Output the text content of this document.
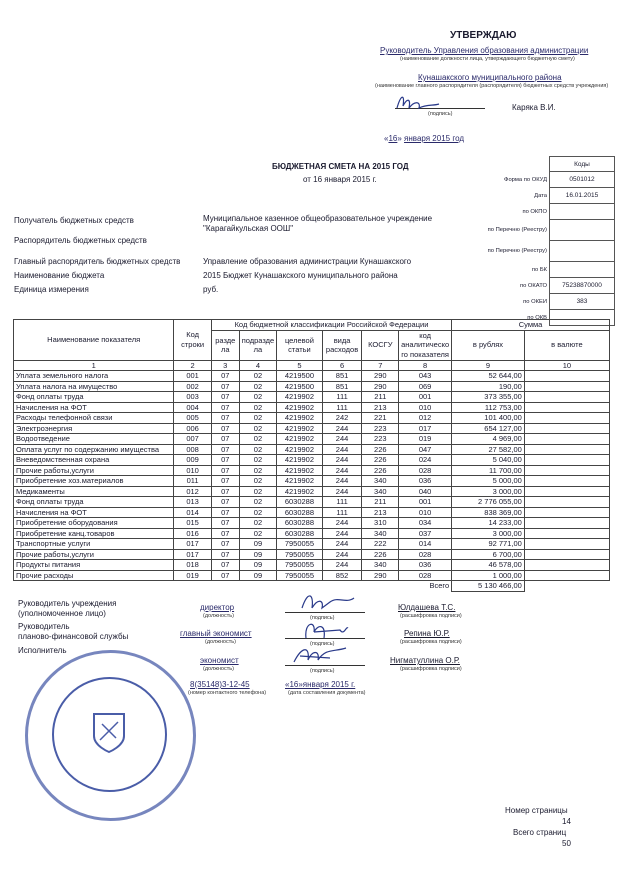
УТВЕРЖДАЮ
Руководитель Управления образования администрации
(наименование должности лица, утверждающего бюджетную смету)
Кунашакского муниципального района
(наименование главного распорядителя (распорядителя) бюджетных средств учреждения)
(подпись)
Каряка В.И.
«16» января 2015 год
БЮДЖЕТНАЯ СМЕТА НА 2015 ГОД
от 16 января 2015 г.
	Коды
Форма по ОКУД	0501012
Дата	16.01.2015
по ОКПО	
по Перечню (Реестру)	
по Перечню (Реестру)	
по БК	
по ОКАТО	75238870000
по ОКЕИ	383
по ОКВ	
Получатель бюджетных средств	Муниципальное казенное общеобразовательное учреждение "Карагайкульская ООШ"
Распорядитель бюджетных средств
Главный распорядитель бюджетных средств	Управление образования администрации Кунашакского
Наименование бюджета	2015 Бюджет Кунашакского муниципального района
Единица измерения	руб.
Наименование показателя	Код строки	Код бюджетной классификации Российской Федерации						Сумма	
		разде ла	подразде ла	целевой статьи	вида расходов	КОСГУ	код аналитическо го показателя	в рублях	в валюте
1	2	3	4	5	6	7	8	9	10
Уплата земельного налога	001	07	02	4219500	851	290	043	52 644,00	
Уплата налога на имущество	002	07	02	4219500	851	290	069	190,00	
Фонд оплаты труда	003	07	02	4219902	111	211	001	373 355,00	
Начисления на ФОТ	004	07	02	4219902	111	213	010	112 753,00	
Расходы телефонной связи	005	07	02	4219902	242	221	012	101 400,00	
Электроэнергия	006	07	02	4219902	244	223	017	654 127,00	
Водоотведение	007	07	02	4219902	244	223	019	4 969,00	
Оплата услуг по содержанию имущества	008	07	02	4219902	244	226	047	27 582,00	
Вневедомственная охрана	009	07	02	4219902	244	226	024	5 040,00	
Прочие работы,услуги	010	07	02	4219902	244	226	028	11 700,00	
Приобретение хоз.материалов	011	07	02	4219902	244	340	036	5 000,00	
Медикаменты	012	07	02	4219902	244	340	040	3 000,00	
Фонд оплаты труда	013	07	02	6030288	111	211	001	2 776 055,00	
Начисления на ФОТ	014	07	02	6030288	111	213	010	838 369,00	
Приобретение оборудования	015	07	02	6030288	244	310	034	14 233,00	
Приобретение канц.товаров	016	07	02	6030288	244	340	037	3 000,00	
Транспортные услуги	017	07	09	7950055	244	222	014	92 771,00	
Прочие работы,услуги	017	07	09	7950055	244	226	028	6 700,00	
Продукты питания	018	07	09	7950055	244	340	036	46 578,00	
Прочие расходы	019	07	09	7950055	852	290	028	1 000,00	
Всего								5 130 466,00	
Руководитель учреждения
(уполномоченное лицо)
директор
(должность)	(подпись)
Юлдашева Т.С.
(расшифровка подписи)
Руководитель
планово-финансовой службы	главный экономист
(должность)	(подпись)
Репина Ю.Р.
(расшифровка подписи)
Исполнитель
экономист
(должность)	(подпись)
Нигматуллина О.Р.
(расшифровка подписи)
8(35148)3-12-45
(номер контактного телефона)
«16»января 2015 г.
(дата составления документа)
Номер страницы
14
Всего страниц
50
